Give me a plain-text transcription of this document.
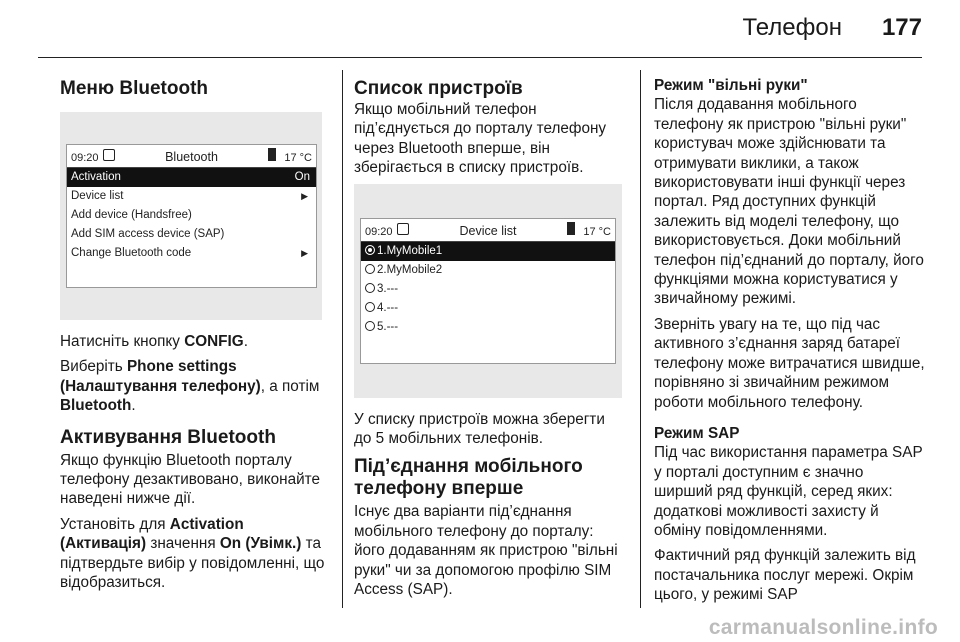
Телефон 177
Меню Bluetooth
09:20	Bluetooth	17 °C
Activation	On
Device list	▶
Add device (Handsfree)
Add SIM access device (SAP)
Change Bluetooth code	▶

Натисніть кнопку CONFIG.

Виберіть Phone settings (Налаштування телефону), а потім Bluetooth.

Активування Bluetooth

Якщо функцію Bluetooth порталу телефону дезактивовано, виконайте наведені нижче дії.

Установіть для Activation (Активація) значення On (Увімк.) та підтвердьте вибір у повідомленні, що відобразиться.

Список пристроїв

Якщо мобільний телефон під’єднується до порталу телефону через Bluetooth вперше, він зберігається в списку пристроїв.

09:20	Device list	17 °C
1.MyMobile1
2.MyMobile2
3.---
4.---
5.---

У списку пристроїв можна зберегти до 5 мобільних телефонів.

Під’єднання мобільного телефону вперше

Існує два варіанти під’єднання мобільного телефону до порталу: його додаванням як пристрою "вільні руки" чи за допомогою профілю SIM Access (SAP).

Режим "вільні руки"

Після додавання мобільного телефону як пристрою "вільні руки" користувач може здійснювати та отримувати виклики, а також використовувати інші функції через портал. Ряд доступних функцій залежить від моделі телефону, що використовується. Доки мобільний телефон під’єднаний до порталу, його функціями можна користуватися у звичайному режимі.

Зверніть увагу на те, що під час активного з’єднання заряд батареї телефону може витрачатися швидше, порівняно зі звичайним режимом роботи мобільного телефону.

Режим SAP

Під час використання параметра SAP у порталі доступним є значно ширший ряд функцій, серед яких: додаткові можливості захисту й обміну повідомленнями.

Фактичний ряд функцій залежить від постачальника послуг мережі. Окрім цього, у режимі SAP

carmanualsonline.info
